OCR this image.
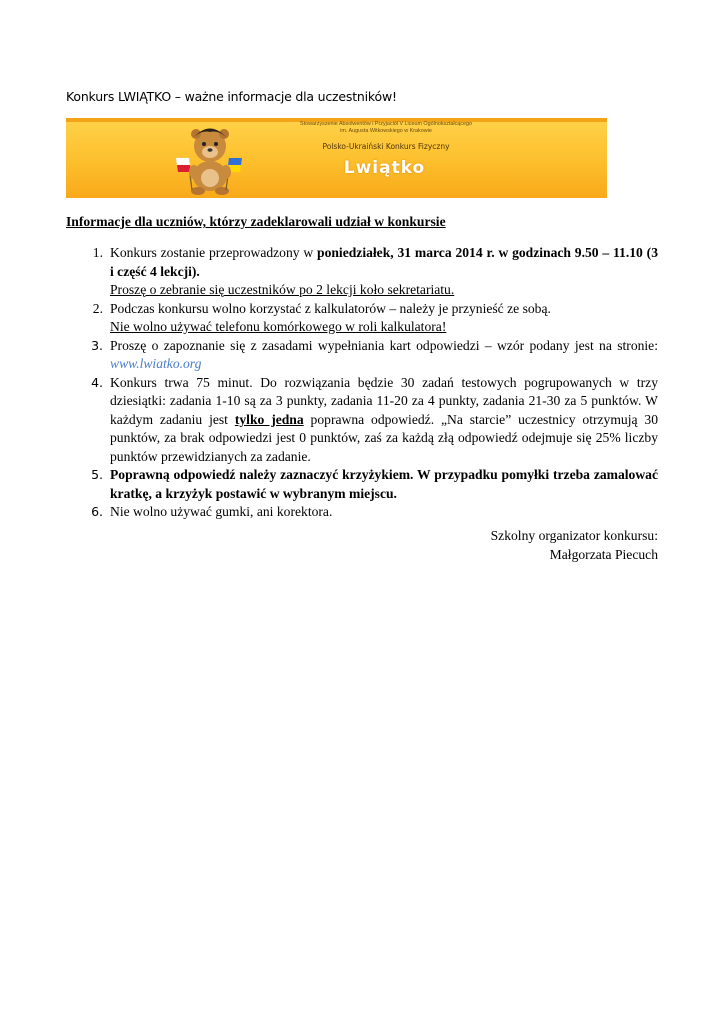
Konkurs LWIĄTKO – ważne informacje dla uczestników!
Stowarzyszenie Absolwentów i Przyjaciół V Liceum Ogólnokształcącego
im. Augusta Witkowskiego w Krakowie
Polsko-Ukraiński Konkurs Fizyczny
Lwiątko
Informacje dla uczniów, którzy zadeklarowali udział w konkursie
1. Konkurs zostanie przeprowadzony w poniedziałek, 31 marca 2014 r. w godzinach 9.50 – 11.10 (3 i część 4 lekcji).
Proszę o zebranie się uczestników po 2 lekcji koło sekretariatu.
2. Podczas konkursu wolno korzystać z kalkulatorów – należy je przynieść ze sobą.
Nie wolno używać telefonu komórkowego w roli kalkulatora!
3. Proszę o zapoznanie się z zasadami wypełniania kart odpowiedzi – wzór podany jest na stronie: www.lwiatko.org
4. Konkurs trwa 75 minut. Do rozwiązania będzie 30 zadań testowych pogrupowanych w trzy dziesiątki: zadania 1-10 są za 3 punkty, zadania 11-20 za 4 punkty, zadania 21-30 za 5 punktów. W każdym zadaniu jest tylko jedna poprawna odpowiedź. „Na starcie” uczestnicy otrzymują 30 punktów, za brak odpowiedzi jest 0 punktów, zaś za każdą złą odpowiedź odejmuje się 25% liczby punktów przewidzianych za zadanie.
5. Poprawną odpowiedź należy zaznaczyć krzyżykiem. W przypadku pomyłki trzeba zamalować kratkę, a krzyżyk postawić w wybranym miejscu.
6. Nie wolno używać gumki, ani korektora.
Szkolny organizator konkursu:
Małgorzata Piecuch
